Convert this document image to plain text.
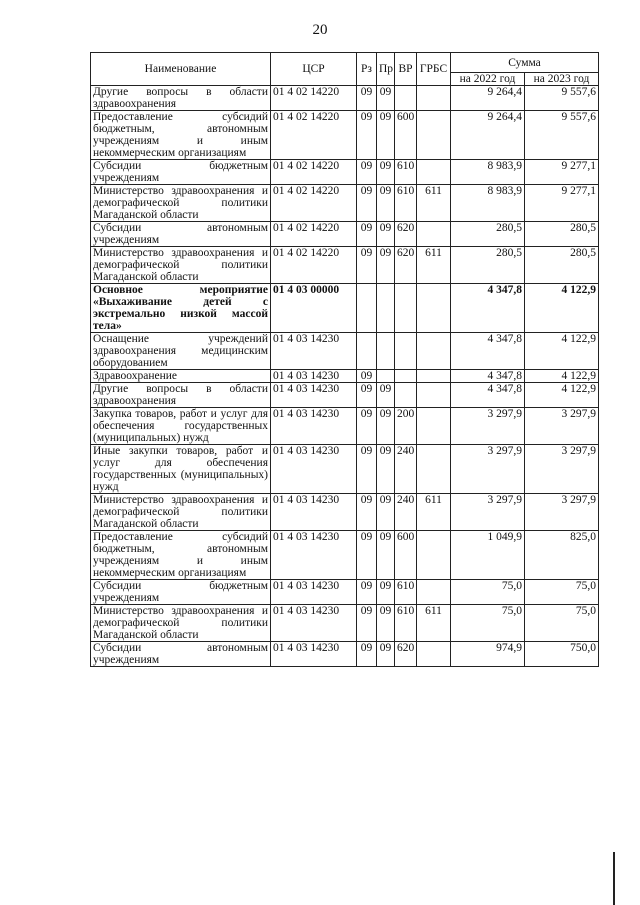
20
Наименование	ЦСР	Рз	Пр	ВР	ГРБС	Сумма	
						на 2022 год	на 2023 год
Другие вопросы в области здравоохранения	01 4 02 14220	09	09			9 264,4	9 557,6
Предоставление субсидий бюджетным, автономным учреждениям и иным некоммерческим организациям	01 4 02 14220	09	09	600		9 264,4	9 557,6
Субсидии бюджетным учреждениям	01 4 02 14220	09	09	610		8 983,9	9 277,1
Министерство здравоохранения и демографической политики Магаданской области	01 4 02 14220	09	09	610	611	8 983,9	9 277,1
Субсидии автономным учреждениям	01 4 02 14220	09	09	620		280,5	280,5
Министерство здравоохранения и демографической политики Магаданской области	01 4 02 14220	09	09	620	611	280,5	280,5
Основное мероприятие «Выхаживание детей с экстремально низкой массой тела»	01 4 03 00000					4 347,8	4 122,9
Оснащение учреждений здравоохранения медицинским оборудованием	01 4 03 14230					4 347,8	4 122,9
Здравоохранение	01 4 03 14230	09				4 347,8	4 122,9
Другие вопросы в области здравоохранения	01 4 03 14230	09	09			4 347,8	4 122,9
Закупка товаров, работ и услуг для обеспечения государственных (муниципальных) нужд	01 4 03 14230	09	09	200		3 297,9	3 297,9
Иные закупки товаров, работ и услуг для обеспечения государственных (муниципальных) нужд	01 4 03 14230	09	09	240		3 297,9	3 297,9
Министерство здравоохранения и демографической политики Магаданской области	01 4 03 14230	09	09	240	611	3 297,9	3 297,9
Предоставление субсидий бюджетным, автономным учреждениям и иным некоммерческим организациям	01 4 03 14230	09	09	600		1 049,9	825,0
Субсидии бюджетным учреждениям	01 4 03 14230	09	09	610		75,0	75,0
Министерство здравоохранения и демографической политики Магаданской области	01 4 03 14230	09	09	610	611	75,0	75,0
Субсидии автономным учреждениям	01 4 03 14230	09	09	620		974,9	750,0
